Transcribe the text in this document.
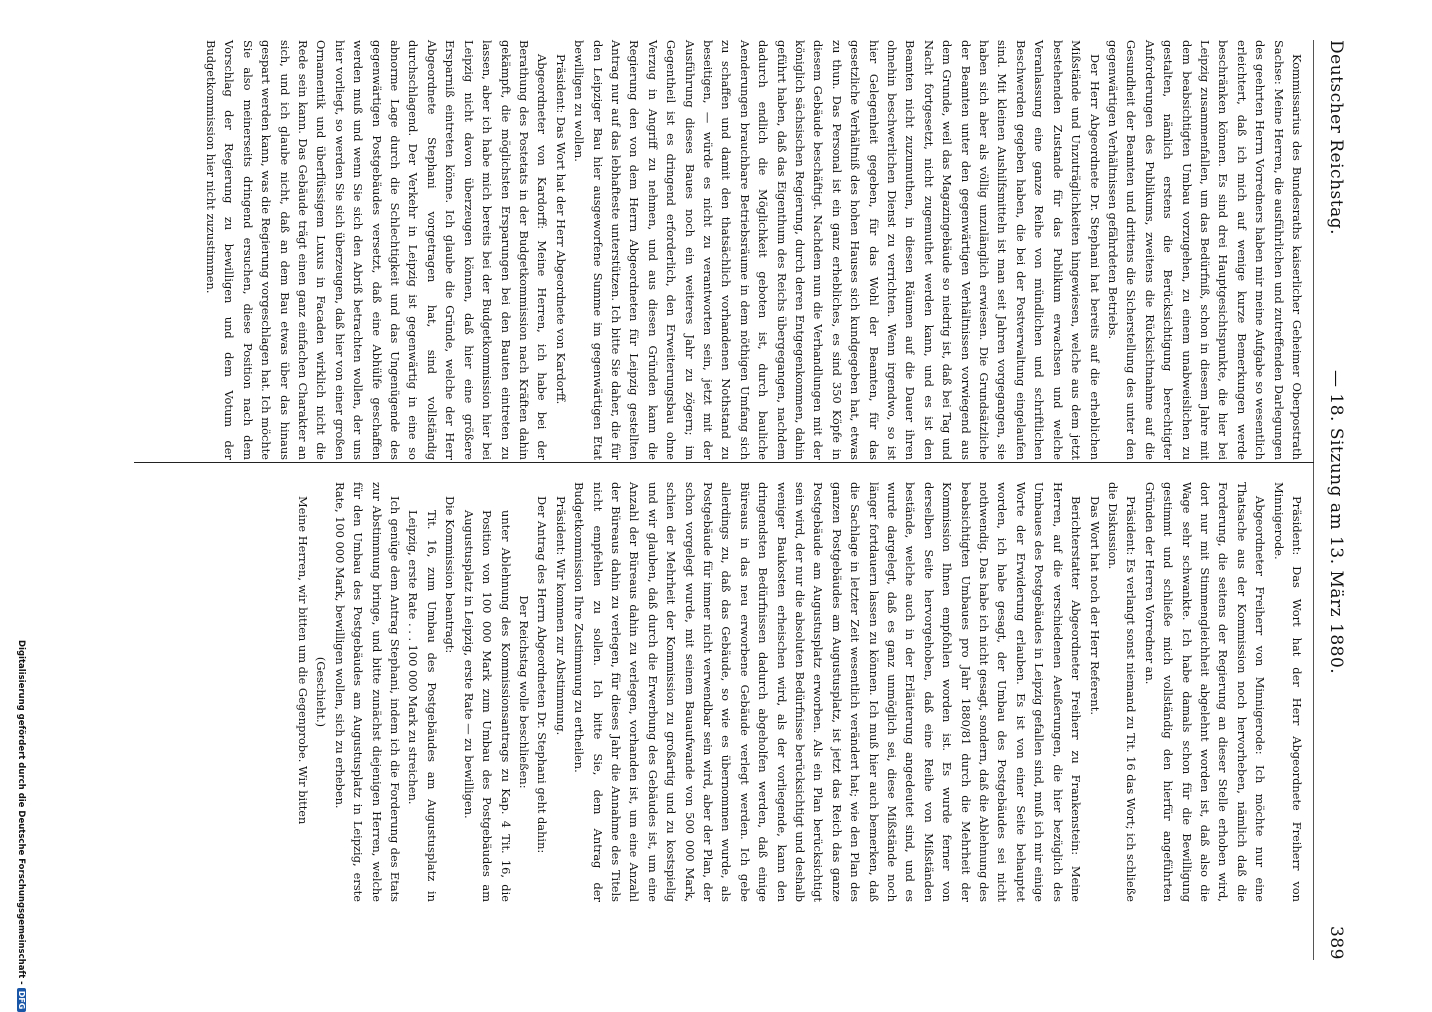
Deutscher Reichstag.
— 18. Sitzung am 13. März 1880.
389

Kommissarius des Bundesraths kaiserlicher Geheimer Oberpostrath Sachse: Meine Herren, die ausführlichen und zutreffenden Darlegungen des geehrten Herrn Vorredners haben mir meine Aufgabe so wesentlich erleichtert, daß ich mich auf wenige kurze Bemerkungen werde beschränken können. Es sind drei Hauptgesichtspunkte, die hier bei Leipzig zusammenfallen, um das Bedürfniß, schon in diesem Jahre mit dem beabsichtigten Umbau vorzugehen, zu einem unabweislichen zu gestalten, nämlich erstens die Berücksichtigung berechtigter Anforderungen des Publikums, zweitens die Rücksichtnahme auf die Gesundheit der Beamten und drittens die Sicherstellung des unter den gegenwärtigen Verhältnissen gefährdeten Betriebs.

Der Herr Abgeordnete Dr. Stephani hat bereits auf die erheblichen Mißstände und Unzuträglichkeiten hingewiesen, welche aus dem jetzt bestehenden Zustande für das Publikum erwachsen und welche Veranlassung eine ganze Reihe von mündlichen und schriftlichen Beschwerden gegeben haben, die bei der Postverwaltung eingelaufen sind. Mit kleinen Aushilfsmitteln ist man seit Jahren vorgegangen, sie haben sich aber als völlig unzulänglich erwiesen. Die Grundsätzliche der Beamten unter den gegenwärtigen Verhältnissen vorwiegend aus dem Grunde, weil das Magazingebäude so niedrig ist, daß bei Tag und Nacht fortgesetzt, nicht zugemuthet werden kann, und es ist den Beamten nicht zuzumuthen, in diesen Räumen auf die Dauer ihren ohnehin beschwerlichen Dienst zu verrichten. Wenn irgendwo, so ist hier Gelegenheit gegeben, für das Wohl der Beamten, für das gesetzliche Verhältniß des hohen Hauses sich kundgegeben hat, etwas zu thun. Das Personal ist ein ganz erhebliches, es sind 350 Köpfe in diesem Gebäude beschäftigt. Nachdem nun die Verhandlungen mit der königlich sächsischen Regierung, durch deren Entgegenkommen, dahin geführt haben, daß das Eigenthum des Reichs übergegangen, nachdem dadurch endlich die Möglichkeit geboten ist, durch bauliche Aenderungen brauchbare Betriebsräume in dem nöthigen Umfang sich zu schaffen und damit den thatsächlich vorhandenen Nothstand zu beseitigen, — würde es nicht zu verantworten sein, jetzt mit der Ausführung dieses Baues noch ein weiteres Jahr zu zögern; im Gegentheil ist es dringend erforderlich, den Erweiterungsbau ohne Verzug in Angriff zu nehmen, und aus diesen Gründen kann die Regierung den von dem Herrn Abgeordneten für Leipzig gestellten Antrag nur auf das lebhafteste unterstützen. Ich bitte Sie daher, die für den Leipziger Bau hier ausgeworfene Summe im gegenwärtigen Etat bewilligen zu wollen.

Präsident: Das Wort hat der Herr Abgeordnete von Kardorff.

Abgeordneter von Kardorff: Meine Herren, ich habe bei der Berathung des Postetats in der Budgetkommission nach Kräften dahin gekämpft, die möglichsten Ersparungen bei den Bauten eintreten zu lassen, aber ich habe mich bereits bei der Budgetkommission hier bei Leipzig nicht davon überzeugen können, daß hier eine größere Ersparniß eintreten könne. Ich glaube die Gründe, welche der Herr Abgeordnete Stephani vorgetragen hat, sind vollständig durchschlagend. Der Verkehr in Leipzig ist gegenwärtig in eine so abnorme Lage durch die Schlechtigkeit und das Ungenügende des gegenwärtigen Postgebäudes versetzt, daß eine Abhülfe geschaffen werden muß und wenn Sie sich den Abriß betrachten wollen, der uns hier vorliegt, so werden Sie sich überzeugen, daß hier von einer großen Ornamentik und überflüssigem Luxus in Facaden wirklich nicht die Rede sein kann. Das Gebäude trägt einen ganz einfachen Charakter an sich, und ich glaube nicht, daß an dem Bau etwas über das hinaus gespart werden kann, was die Regierung vorgeschlagen hat. Ich möchte Sie also meinerseits dringend ersuchen, diese Position nach dem Vorschlag der Regierung zu bewilligen und dem Votum der Budgetkommission hier nicht zuzustimmen.

Präsident: Das Wort hat der Herr Abgeordnete Freiherr von Minnigerode.

Abgeordneter Freiherr von Minnigerode: Ich möchte nur eine Thatsache aus der Kommission noch hervorheben, nämlich daß die Forderung, die seitens der Regierung an dieser Stelle erhoben wird, dort nur mit Stimmengleichheit abgelehnt worden ist, daß also die Wage sehr schwankte. Ich habe damals schon für die Bewilligung gestimmt und schließe mich vollständig den hierfür angeführten Gründen der Herren Vorredner an.

Präsident: Es verlangt sonst niemand zu Tit. 16 das Wort; ich schließe die Diskussion.

Das Wort hat noch der Herr Referent.

Berichterstatter Abgeordneter Freiherr zu Frankenstein: Meine Herren, auf die verschiedenen Aeußerungen, die hier bezüglich des Umbaues des Postgebäudes in Leipzig gefallen sind, muß ich mir einige Worte der Erwiderung erlauben. Es ist von einer Seite behauptet worden, ich habe gesagt, der Umbau des Postgebäudes sei nicht nothwendig. Das habe ich nicht gesagt, sondern, daß die Ablehnung des beabsichtigten Umbaues pro Jahr 1880/81 durch die Mehrheit der Kommission Ihnen empfohlen worden ist. Es wurde ferner von derselben Seite hervorgehoben, daß eine Reihe von Mißständen bestände, welche auch in der Erläuterung angedeutet sind, und es wurde dargelegt, daß es ganz unmöglich sei, diese Mißstände noch länger fortdauern lassen zu können. Ich muß hier auch bemerken, daß die Sachlage in letzter Zeit wesentlich verändert hat; wie den Plan des ganzen Postgebäudes am Augustusplatz, ist jetzt das Reich das ganze Postgebäude am Augustusplatz erworben. Als ein Plan berücksichtigt sein wird, der nur die absoluten Bedürfnisse berücksichtigt und deshalb weniger Baukosten erheischen wird, als der vorliegende, kann den dringendsten Bedürfnissen dadurch abgeholfen werden, daß einige Büreaus in das neu erworbene Gebäude verlegt werden. Ich gebe allerdings zu, daß das Gebäude, so wie es übernommen wurde, als Postgebäude für immer nicht verwendbar sein wird, aber der Plan, der schon vorgelegt wurde, mit seinem Bauaufwande von 500 000 Mark, schien der Mehrheit der Kommission zu großartig und zu kostspielig und wir glauben, daß durch die Erwerbung des Gebäudes ist, um eine Anzahl der Büreaus dahin zu verlegen, vorhanden ist, um eine Anzahl der Büreaus dahin zu verlegen, für dieses Jahr die Annahme des Titels nicht empfehlen zu sollen. Ich bitte Sie, dem Antrag der Budgetkommission Ihre Zustimmung zu ertheilen.

Präsident: Wir kommen zur Abstimmung.

Der Antrag des Herrn Abgeordneten Dr. Stephani geht dahin:

Der Reichstag wolle beschließen:

unter Ablehnung des Kommissionsantrags zu Kap. 4 Tit. 16, die Position von 100 000 Mark zum Umbau des Postgebäudes am Augustusplatz in Leipzig, erste Rate — zu bewilligen.

Die Kommission beantragt:

Tit. 16, zum Umbau des Postgebäudes am Augustusplatz in Leipzig, erste Rate . . . 100 000 Mark zu streichen.

Ich genüge dem Antrag Stephani, indem ich die Forderung des Etats zur Abstimmung bringe, und bitte zunächst diejenigen Herren, welche für den Umbau des Postgebäudes am Augustusplatz in Leipzig, erste Rate, 100 000 Mark, bewilligen wollen, sich zu erheben.

(Geschieht.)

Meine Herren, wir bitten um die Gegenprobe. Wir bitten

Digitalisierung gefördert durch die Deutsche Forschungsgemeinschaft -DFG
